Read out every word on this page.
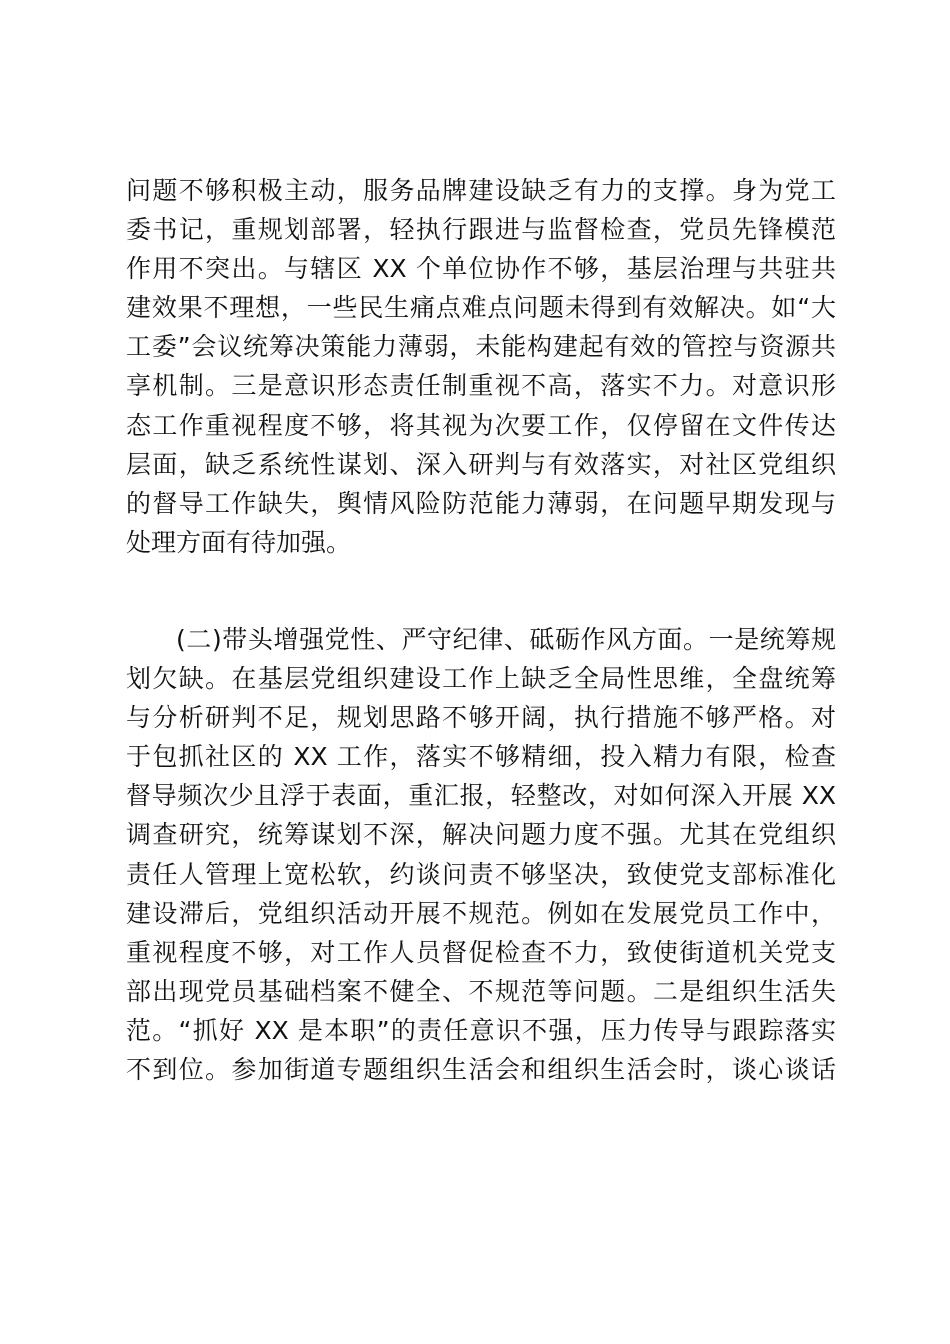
问题不够积极主动，服务品牌建设缺乏有力的支撑。身为党工
委书记，重规划部署，轻执行跟进与监督检查，党员先锋模范
作用不突出。与辖区 XX 个单位协作不够，基层治理与共驻共
建效果不理想，一些民生痛点难点问题未得到有效解决。如“大
工委”会议统筹决策能力薄弱，未能构建起有效的管控与资源共
享机制。三是意识形态责任制重视不高，落实不力。对意识形
态工作重视程度不够，将其视为次要工作，仅停留在文件传达
层面，缺乏系统性谋划、深入研判与有效落实，对社区党组织
的督导工作缺失，舆情风险防范能力薄弱，在问题早期发现与
处理方面有待加强。
(二)带头增强党性、严守纪律、砥砺作风方面。一是统筹规
划欠缺。在基层党组织建设工作上缺乏全局性思维，全盘统筹
与分析研判不足，规划思路不够开阔，执行措施不够严格。对
于包抓社区的 XX 工作，落实不够精细，投入精力有限，检查
督导频次少且浮于表面，重汇报，轻整改，对如何深入开展 XX
调查研究，统筹谋划不深，解决问题力度不强。尤其在党组织
责任人管理上宽松软，约谈问责不够坚决，致使党支部标准化
建设滞后，党组织活动开展不规范。例如在发展党员工作中，
重视程度不够，对工作人员督促检查不力，致使街道机关党支
部出现党员基础档案不健全、不规范等问题。二是组织生活失
范。“抓好 XX 是本职”的责任意识不强，压力传导与跟踪落实
不到位。参加街道专题组织生活会和组织生活会时，谈心谈话
